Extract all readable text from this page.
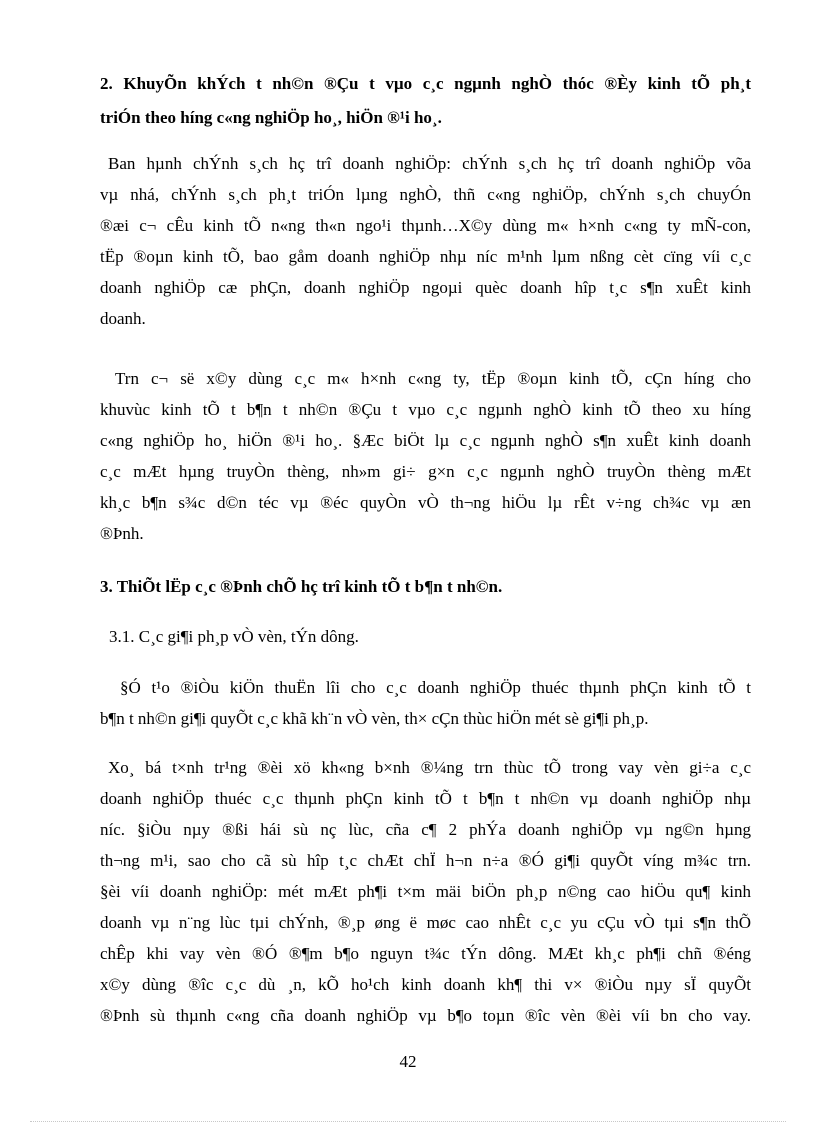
2. KhuyÕn khÝch t nh©n ®Çu t vµo c¸c ngµnh nghÒ thóc ®Èy kinh tÕ ph¸t
triÓn theo híng c«ng nghiÖp ho¸, hiÖn ®¹i ho¸.
Ban hµnh chÝnh s¸ch hç trî doanh nghiÖp: chÝnh s¸ch hç trî doanh nghiÖp võa
vµ nhá, chÝnh s¸ch ph¸t triÓn lµng nghÒ, thñ c«ng nghiÖp, chÝnh s¸ch chuyÓn
®æi c¬ cÊu kinh tÕ n«ng th«n ngo¹i thµnh…X©y dùng m« h×nh c«ng ty mÑ-con,
tËp ®oµn kinh tÕ, bao gåm doanh nghiÖp nhµ níc m¹nh lµm nßng cèt cïng víi c¸c
doanh nghiÖp cæ phÇn, doanh nghiÖp ngoµi quèc doanh hîp t¸c s¶n xuÊt kinh
doanh.
Trn c¬ së x©y dùng c¸c m« h×nh c«ng ty, tËp ®oµn kinh tÕ, cÇn híng cho
khuvùc kinh tÕ t b¶n t nh©n ®Çu t vµo c¸c ngµnh nghÒ kinh tÕ theo xu híng
c«ng nghiÖp ho¸ hiÖn ®¹i ho¸. §Æc biÖt lµ c¸c ngµnh nghÒ s¶n xuÊt kinh doanh
c¸c mÆt hµng truyÒn thèng, nh»m gi÷ g×n c¸c ngµnh nghÒ truyÒn thèng mÆt
kh¸c b¶n s¾c d©n téc vµ ®éc quyÒn vÒ th¬ng hiÖu lµ rÊt v÷ng ch¾c vµ æn
®Þnh.
3. ThiÕt lËp c¸c ®Þnh chÕ hç trî kinh tÕ t b¶n t nh©n.
3.1. C¸c gi¶i ph¸p vÒ vèn, tÝn dông.
§Ó t¹o ®iÒu kiÖn thuËn lîi cho c¸c doanh nghiÖp thuéc thµnh phÇn kinh tÕ t
b¶n t nh©n gi¶i quyÕt c¸c khã kh¨n vÒ vèn, th× cÇn thùc hiÖn mét sè gi¶i ph¸p.
Xo¸ bá t×nh tr¹ng ®èi xö kh«ng b×nh ®¼ng trn thùc tÕ trong vay vèn gi÷a c¸c
doanh nghiÖp thuéc c¸c thµnh phÇn kinh tÕ t b¶n t nh©n vµ doanh nghiÖp nhµ
níc. §iÒu nµy ®ßi hái sù nç lùc, cña c¶ 2 phÝa doanh nghiÖp vµ ng©n hµng
th¬ng m¹i, sao cho cã sù hîp t¸c chÆt chÏ h¬n n÷a ®Ó gi¶i quyÕt víng m¾c trn.
§èi víi doanh nghiÖp: mét mÆt ph¶i t×m mäi biÖn ph¸p n©ng cao hiÖu qu¶ kinh
doanh vµ n¨ng lùc tµi chÝnh, ®¸p øng ë møc cao nhÊt c¸c yu cÇu vÒ tµi s¶n thÕ
chÊp khi vay vèn ®Ó ®¶m b¶o nguyn t¾c tÝn dông. MÆt kh¸c ph¶i chñ ®éng
x©y dùng ®îc c¸c dù ¸n, kÕ ho¹ch kinh doanh kh¶ thi v× ®iÒu nµy sÏ quyÕt
®Þnh sù thµnh c«ng cña doanh nghiÖp vµ b¶o toµn ®îc vèn ®èi víi bn cho vay.
42
